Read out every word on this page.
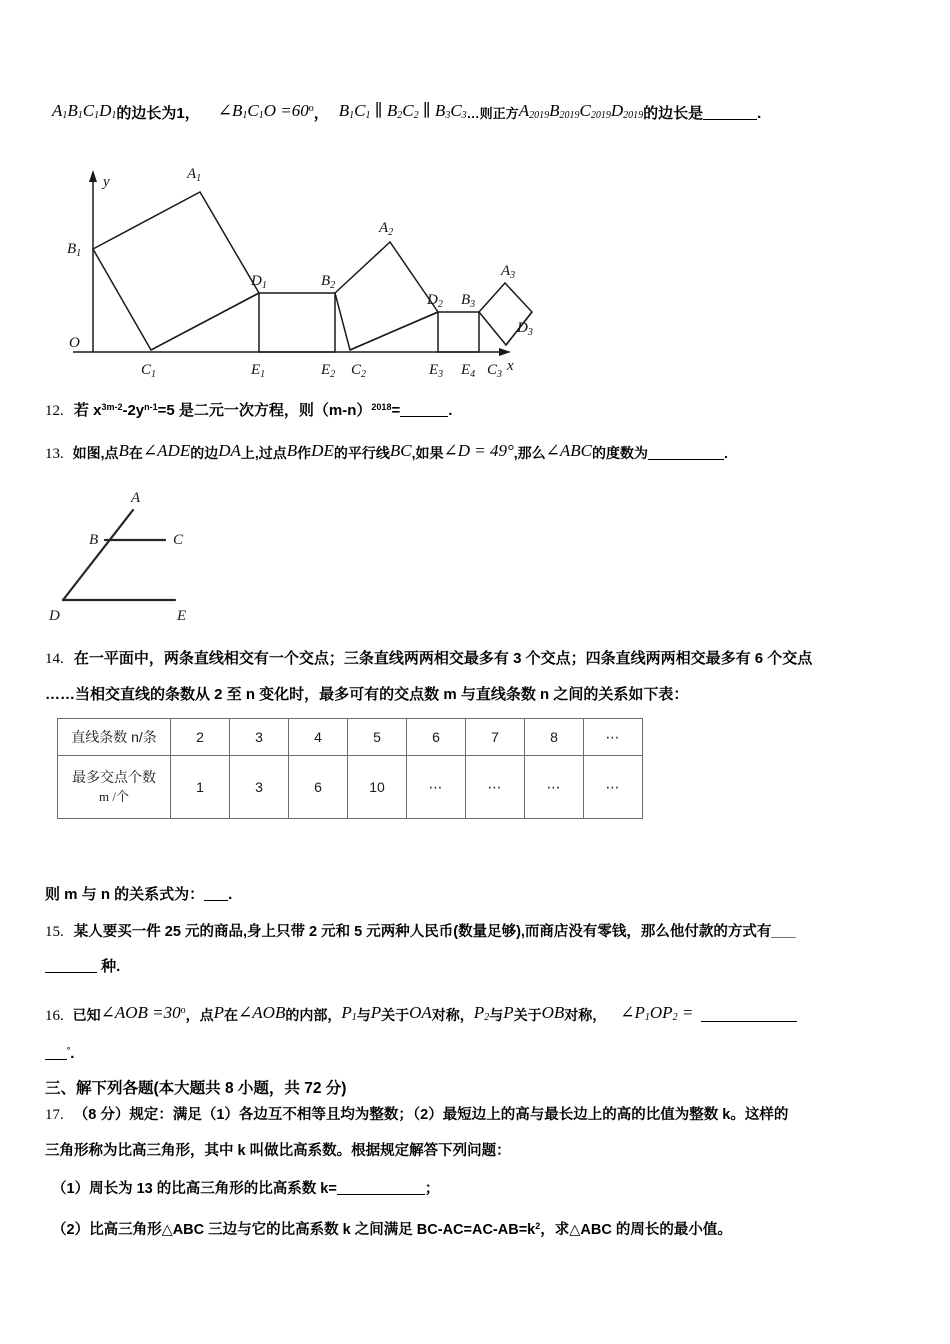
$A_1B_1C_1D_1$的边长为1， $\angle B_1C_1O =60^o$， $B_1C_1$ ∥ $B_2C_2$ ∥ $B_3C_3\dots$则正方$A_{2019}B_{2019}C_{2019}D_{2019}$的边长是	.
O
y
x
$A_1$
$B_1$
$C_1$
$D_1$
$E_1$
$B_2$
$A_2$
$E_2$ $C_2$
$D_2$ $B_3$
$E_3$ $E_4$ $C_3$
$A_3$
$D_3$
12. 若 $x^{3m-2}-2y^{n-1}=5$ 是二元一次方程，则$(m-n)^{2018}=$	.
13. 如图,点B在∠ADE的边DA上,过点B作DE的平行线BC,如果∠D = 49°,那么∠ABC的度数为	.
A
B	C
D	E
14. 在一平面中，两条直线相交有一个交点；三条直线两两相交最多有 3 个交点；四条直线两两相交最多有 6 个交点
……当相交直线的条数从 2 至 n 变化时，最多可有的交点数 m 与直线条数 n 之间的关系如下表：
直线条数 n/条	2	3	4	5	6	7	8	⋯

最多交点个数
m /个	1	3	6	10	⋯	⋯	⋯	⋯
则 m 与 n 的关系式为： .
15. 某人要买一件 25 元的商品,身上只带 2 元和 5 元两种人民币(数量足够),而商店没有零钱，那么他付款的方式有___
种.
16. 已知∠AOB $=30^o$，点P在∠AOB的内部，$P_1$与P关于OA对称，$P_2$与P关于OB对称， $\angle P_1OP_2$ =
°.
三、解下列各题(本大题共 8 小题，共 72 分)
17. （8 分）规定：满足（1）各边互不相等且均为整数；（2）最短边上的高与最长边上的高的比值为整数 k。这样的
三角形称为比高三角形，其中 k 叫做比高系数。根据规定解答下列问题：
（1）周长为 13 的比高三角形的比高系数 k=	；
（2）比高三角形△ABC 三边与它的比高系数 k 之间满足 $BC-AC=AC-AB=k^2$，求△ABC 的周长的最小值。
